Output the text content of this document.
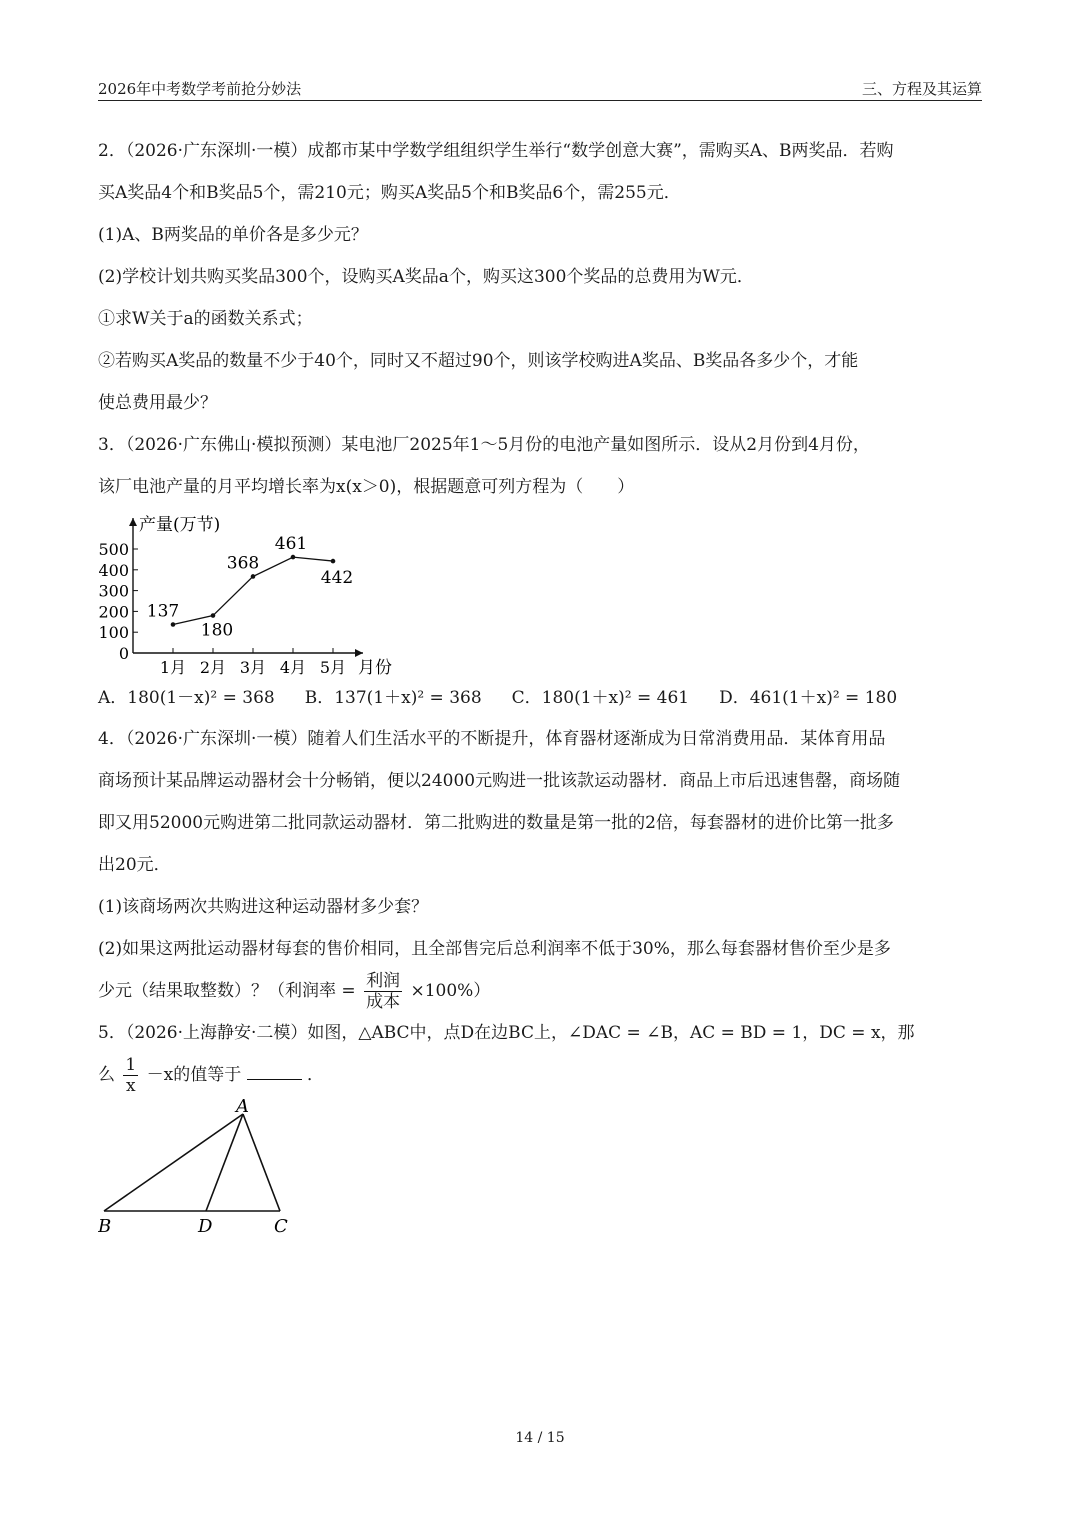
2026年中考数学考前抢分妙法	三、方程及其运算

2．（2026·广东深圳·一模）成都市某中学数学组组织学生举行“数学创意大赛”，需购买A、B两奖品．若购

买A奖品4个和B奖品5个，需210元；购买A奖品5个和B奖品6个，需255元．

(1)A、B两奖品的单价各是多少元？

(2)学校计划共购买奖品300个，设购买A奖品a个，购买这300个奖品的总费用为W元．

①求W关于a的函数关系式；

②若购买A奖品的数量不少于40个，同时又不超过90个，则该学校购进A奖品、B奖品各多少个，才能

使总费用最少？

3．（2026·广东佛山·模拟预测）某电池厂2025年1～5月份的电池产量如图所示．设从2月份到4月份，

该厂电池产量的月平均增长率为x(x＞0)，根据题意可列方程为（　　）

产量(万节)
月份
0
100
200
300
400
500
1月 2月 3月 4月 5月
137
180
368
461
442
A．180(1－x)² = 368 B．137(1＋x)² = 368 C．180(1＋x)² = 461 D．461(1＋x)² = 180

4．（2026·广东深圳·一模）随着人们生活水平的不断提升，体育器材逐渐成为日常消费用品．某体育用品

商场预计某品牌运动器材会十分畅销，便以24000元购进一批该款运动器材．商品上市后迅速售罄，商场随

即又用52000元购进第二批同款运动器材．第二批购进的数量是第一批的2倍，每套器材的进价比第一批多

出20元．

(1)该商场两次共购进这种运动器材多少套？

(2)如果这两批运动器材每套的售价相同，且全部售完后总利润率不低于30%，那么每套器材售价至少是多

少元（结果取整数）？（利润率 = $\frac{\text{利润}}{\text{成本}} \times 100\%$）

5．（2026·上海静安·二模）如图，△ABC中，点D在边BC上，∠DAC = ∠B，AC = BD = 1，DC = x，那

么 $\frac{1}{x} -x$的值等于	．

A
B	C
D
14 / 15
